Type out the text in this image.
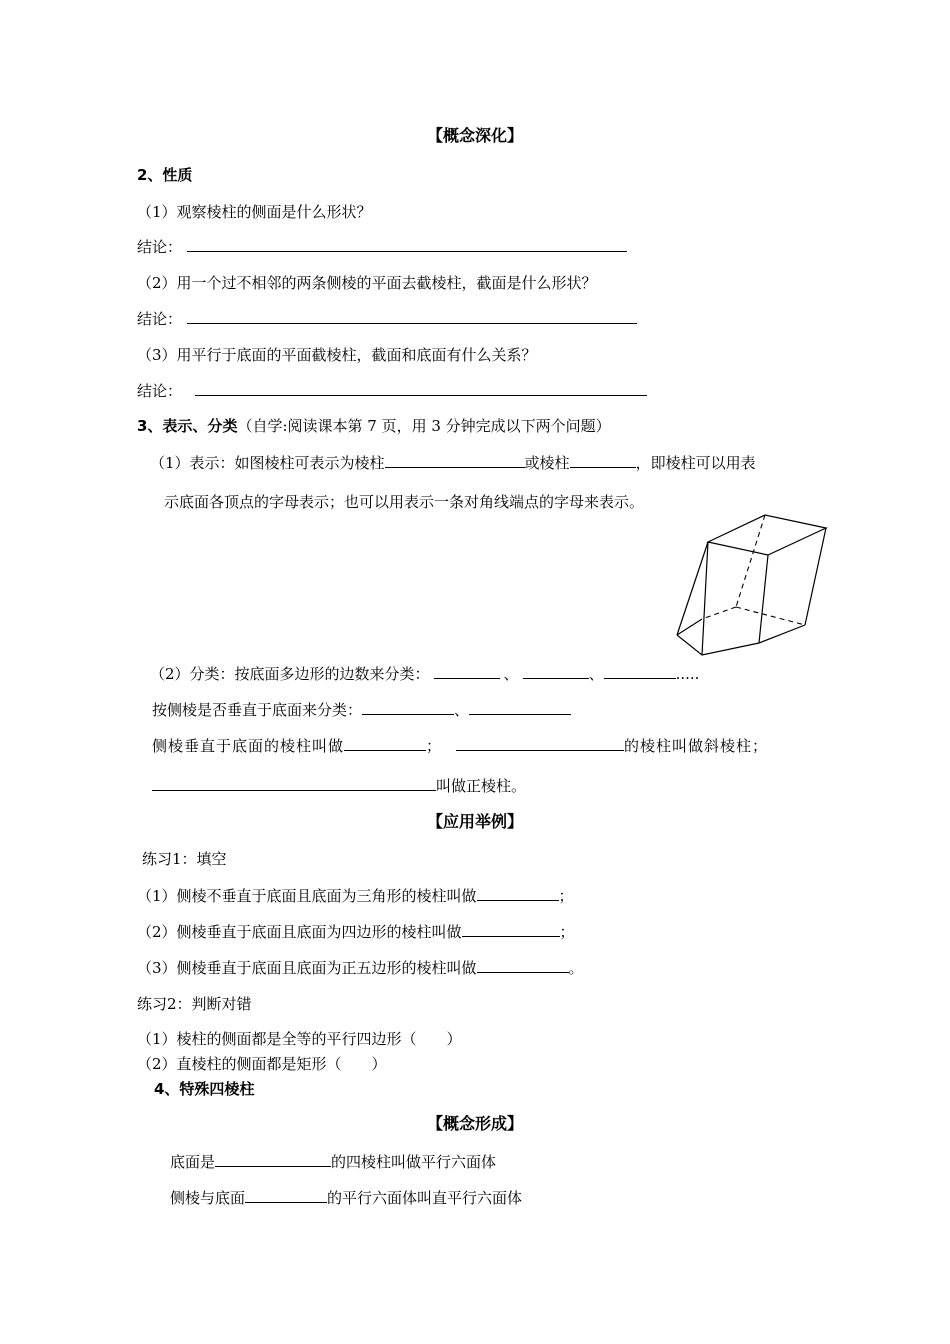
【概念深化】
2、性质
（1）观察棱柱的侧面是什么形状？
结论：
（2）用一个过不相邻的两条侧棱的平面去截棱柱，截面是什么形状？
结论：
（3）用平行于底面的平面截棱柱，截面和底面有什么关系？
结论：
3、表示、分类（自学:阅读课本第 7 页，用 3 分钟完成以下两个问题）
（1）表示：如图棱柱可表示为棱柱	或棱柱	，即棱柱可以用表
示底面各顶点的字母表示；也可以用表示一条对角线端点的字母来表示。
（2）分类：按底面多边形的边数来分类：	、	、	.....
按侧棱是否垂直于底面来分类：	、
侧棱垂直于底面的棱柱叫做	；	的棱柱叫做斜棱柱；
叫做正棱柱。
【应用举例】
练习1：填空
（1）侧棱不垂直于底面且底面为三角形的棱柱叫做	；
（2）侧棱垂直于底面且底面为四边形的棱柱叫做	；
（3）侧棱垂直于底面且底面为正五边形的棱柱叫做	。
练习2：判断对错
（1）棱柱的侧面都是全等的平行四边形（　　）
（2）直棱柱的侧面都是矩形（　　）
4、特殊四棱柱
【概念形成】
底面是	的四棱柱叫做平行六面体
侧棱与底面	的平行六面体叫直平行六面体
